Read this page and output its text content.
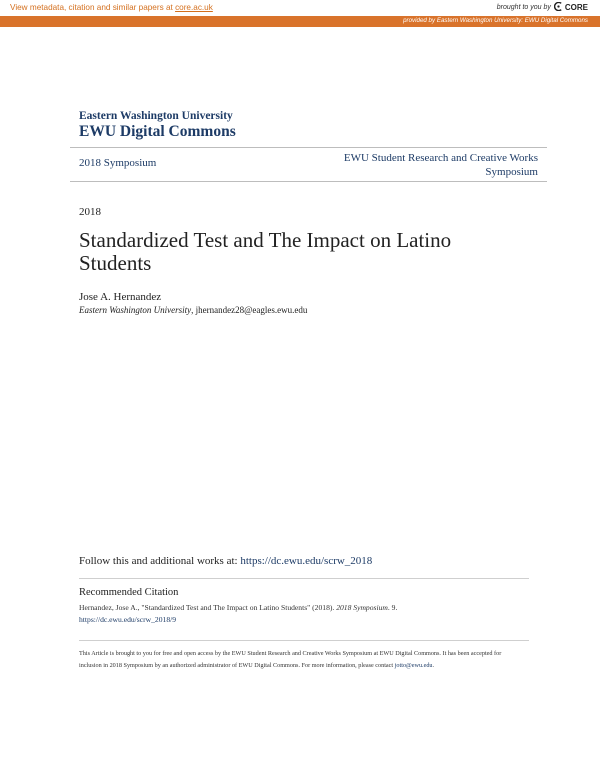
View metadata, citation and similar papers at core.ac.uk	brought to you by CORE
provided by Eastern Washington University: EWU Digital Commons
Eastern Washington University
EWU Digital Commons
2018 Symposium	EWU Student Research and Creative Works Symposium
2018
Standardized Test and The Impact on Latino Students
Jose A. Hernandez
Eastern Washington University, jhernandez28@eagles.ewu.edu
Follow this and additional works at: https://dc.ewu.edu/scrw_2018
Recommended Citation
Hernandez, Jose A., "Standardized Test and The Impact on Latino Students" (2018). 2018 Symposium. 9.
https://dc.ewu.edu/scrw_2018/9
This Article is brought to you for free and open access by the EWU Student Research and Creative Works Symposium at EWU Digital Commons. It has been accepted for inclusion in 2018 Symposium by an authorized administrator of EWU Digital Commons. For more information, please contact jotto@ewu.edu.
